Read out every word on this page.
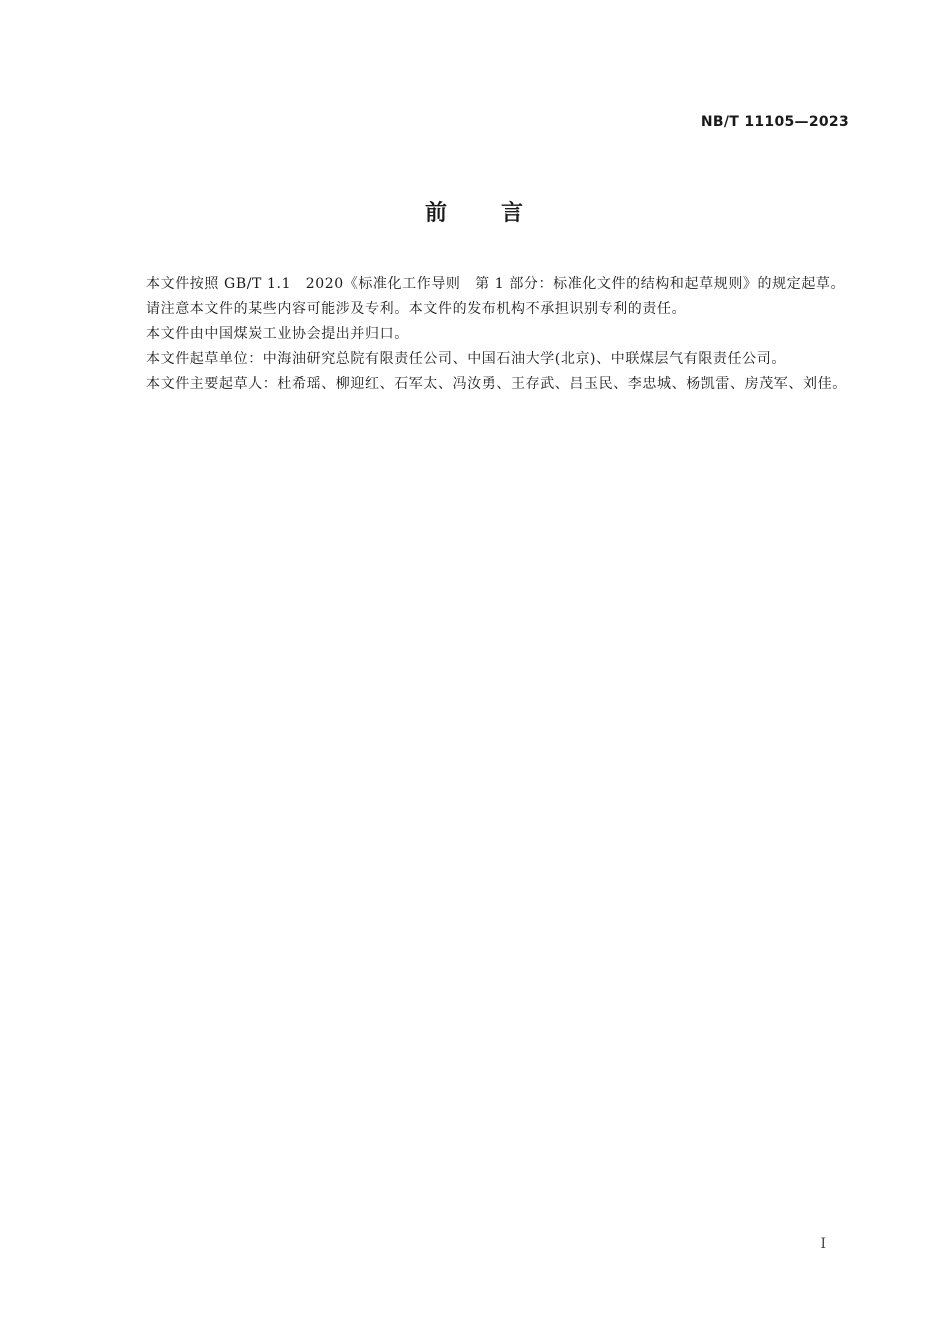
NB/T 11105—2023
前 言

本文件按照 GB/T 1.1　2020《标准化工作导则　第 1 部分：标准化文件的结构和起草规则》的规定起草。

请注意本文件的某些内容可能涉及专利。本文件的发布机构不承担识别专利的责任。

本文件由中国煤炭工业协会提出并归口。

本文件起草单位：中海油研究总院有限责任公司、中国石油大学(北京)、中联煤层气有限责任公司。

本文件主要起草人：杜希瑶、柳迎红、石军太、冯汝勇、王存武、吕玉民、李忠城、杨凯雷、房茂军、刘佳。

I
